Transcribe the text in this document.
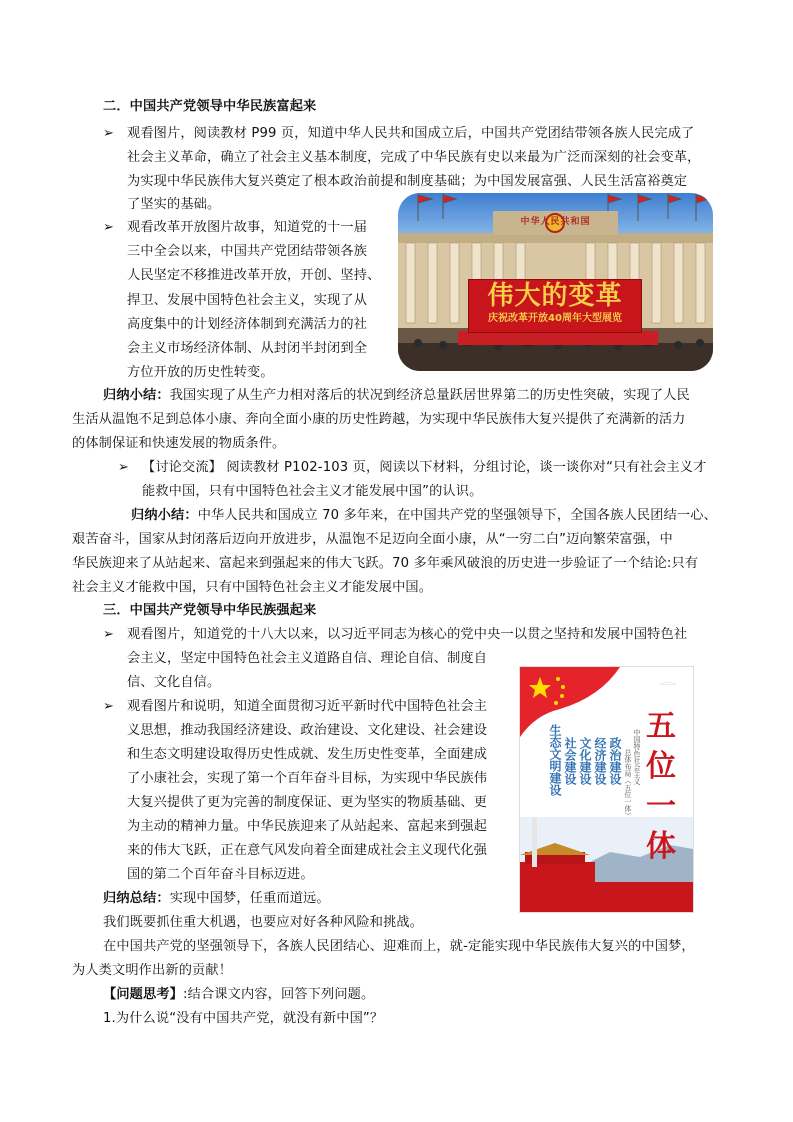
二．中国共产党领导中华民族富起来
➢ 观看图片，阅读教材 P99 页，知道中华人民共和国成立后，中国共产党团结带领各族人民完成了
社会主义革命，确立了社会主义基本制度，完成了中华民族有史以来最为广泛而深刻的社会变革，
为实现中华民族伟大复兴奠定了根本政治前提和制度基础；为中国发展富强、人民生活富裕奠定
了坚实的基础。
➢ 观看改革开放图片故事，知道党的十一届
三中全会以来，中国共产党团结带领各族
人民坚定不移推进改革开放，开创、坚持、
捍卫、发展中国特色社会主义，实现了从
高度集中的计划经济体制到充满活力的社
会主义市场经济体制、从封闭半封闭到全
方位开放的历史性转变。
中华人民共和国
伟大的变革
庆祝改革开放40周年大型展览
归纳小结：我国实现了从生产力相对落后的状况到经济总量跃居世界第二的历史性突破，实现了人民
生活从温饱不足到总体小康、奔向全面小康的历史性跨越，为实现中华民族伟大复兴提供了充满新的活力
的体制保证和快速发展的物质条件。
➢ 【讨论交流】 阅读教材 P102-103 页，阅读以下材料，分组讨论，谈一谈你对“只有社会主义才
能救中国，只有中国特色社会主义才能发展中国”的认识。
归纳小结：中华人民共和国成立 70 多年来，在中国共产党的坚强领导下，全国各族人民团结一心、
艰苦奋斗，国家从封闭落后迈向开放进步，从温饱不足迈向全面小康，从“一穷二白”迈向繁荣富强，中
华民族迎来了从站起来、富起来到强起来的伟大飞跃。70 多年乘风破浪的历史进一步验证了一个结论:只有
社会主义才能救中国，只有中国特色社会主义才能发展中国。
三．中国共产党领导中华民族强起来
➢ 观看图片，知道党的十八大以来，以习近平同志为核心的党中央一以贯之坚持和发展中国特色社
会主义，坚定中国特色社会主义道路自信、理论自信、制度自
信、文化自信。
➢ 观看图片和说明，知道全面贯彻习近平新时代中国特色社会主
义思想，推动我国经济建设、政治建设、文化建设、社会建设
和生态文明建设取得历史性成就、发生历史性变革，全面建成
了小康社会，实现了第一个百年奋斗目标，为实现中华民族伟
大复兴提供了更为完善的制度保证、更为坚实的物质基础、更
为主动的精神力量。中华民族迎来了从站起来、富起来到强起
来的伟大飞跃，正在意气风发向着全面建成社会主义现代化强
国的第二个百年奋斗目标迈进。
五
位
一
体
中国特色社会主义
总体布局（五位一体）
政治建设
经济建设
文化建设
社会建设
生态文明建设
归纳总结：实现中国梦，任重而道远。
我们既要抓住重大机遇，也要应对好各种风险和挑战。
在中国共产党的坚强领导下，各族人民团结心、迎难而上，就-定能实现中华民族伟大复兴的中国梦，
为人类文明作出新的贡献！
【问题思考】:结合课文内容，回答下列问题。
1.为什么说“没有中国共产党，就没有新中国”？
